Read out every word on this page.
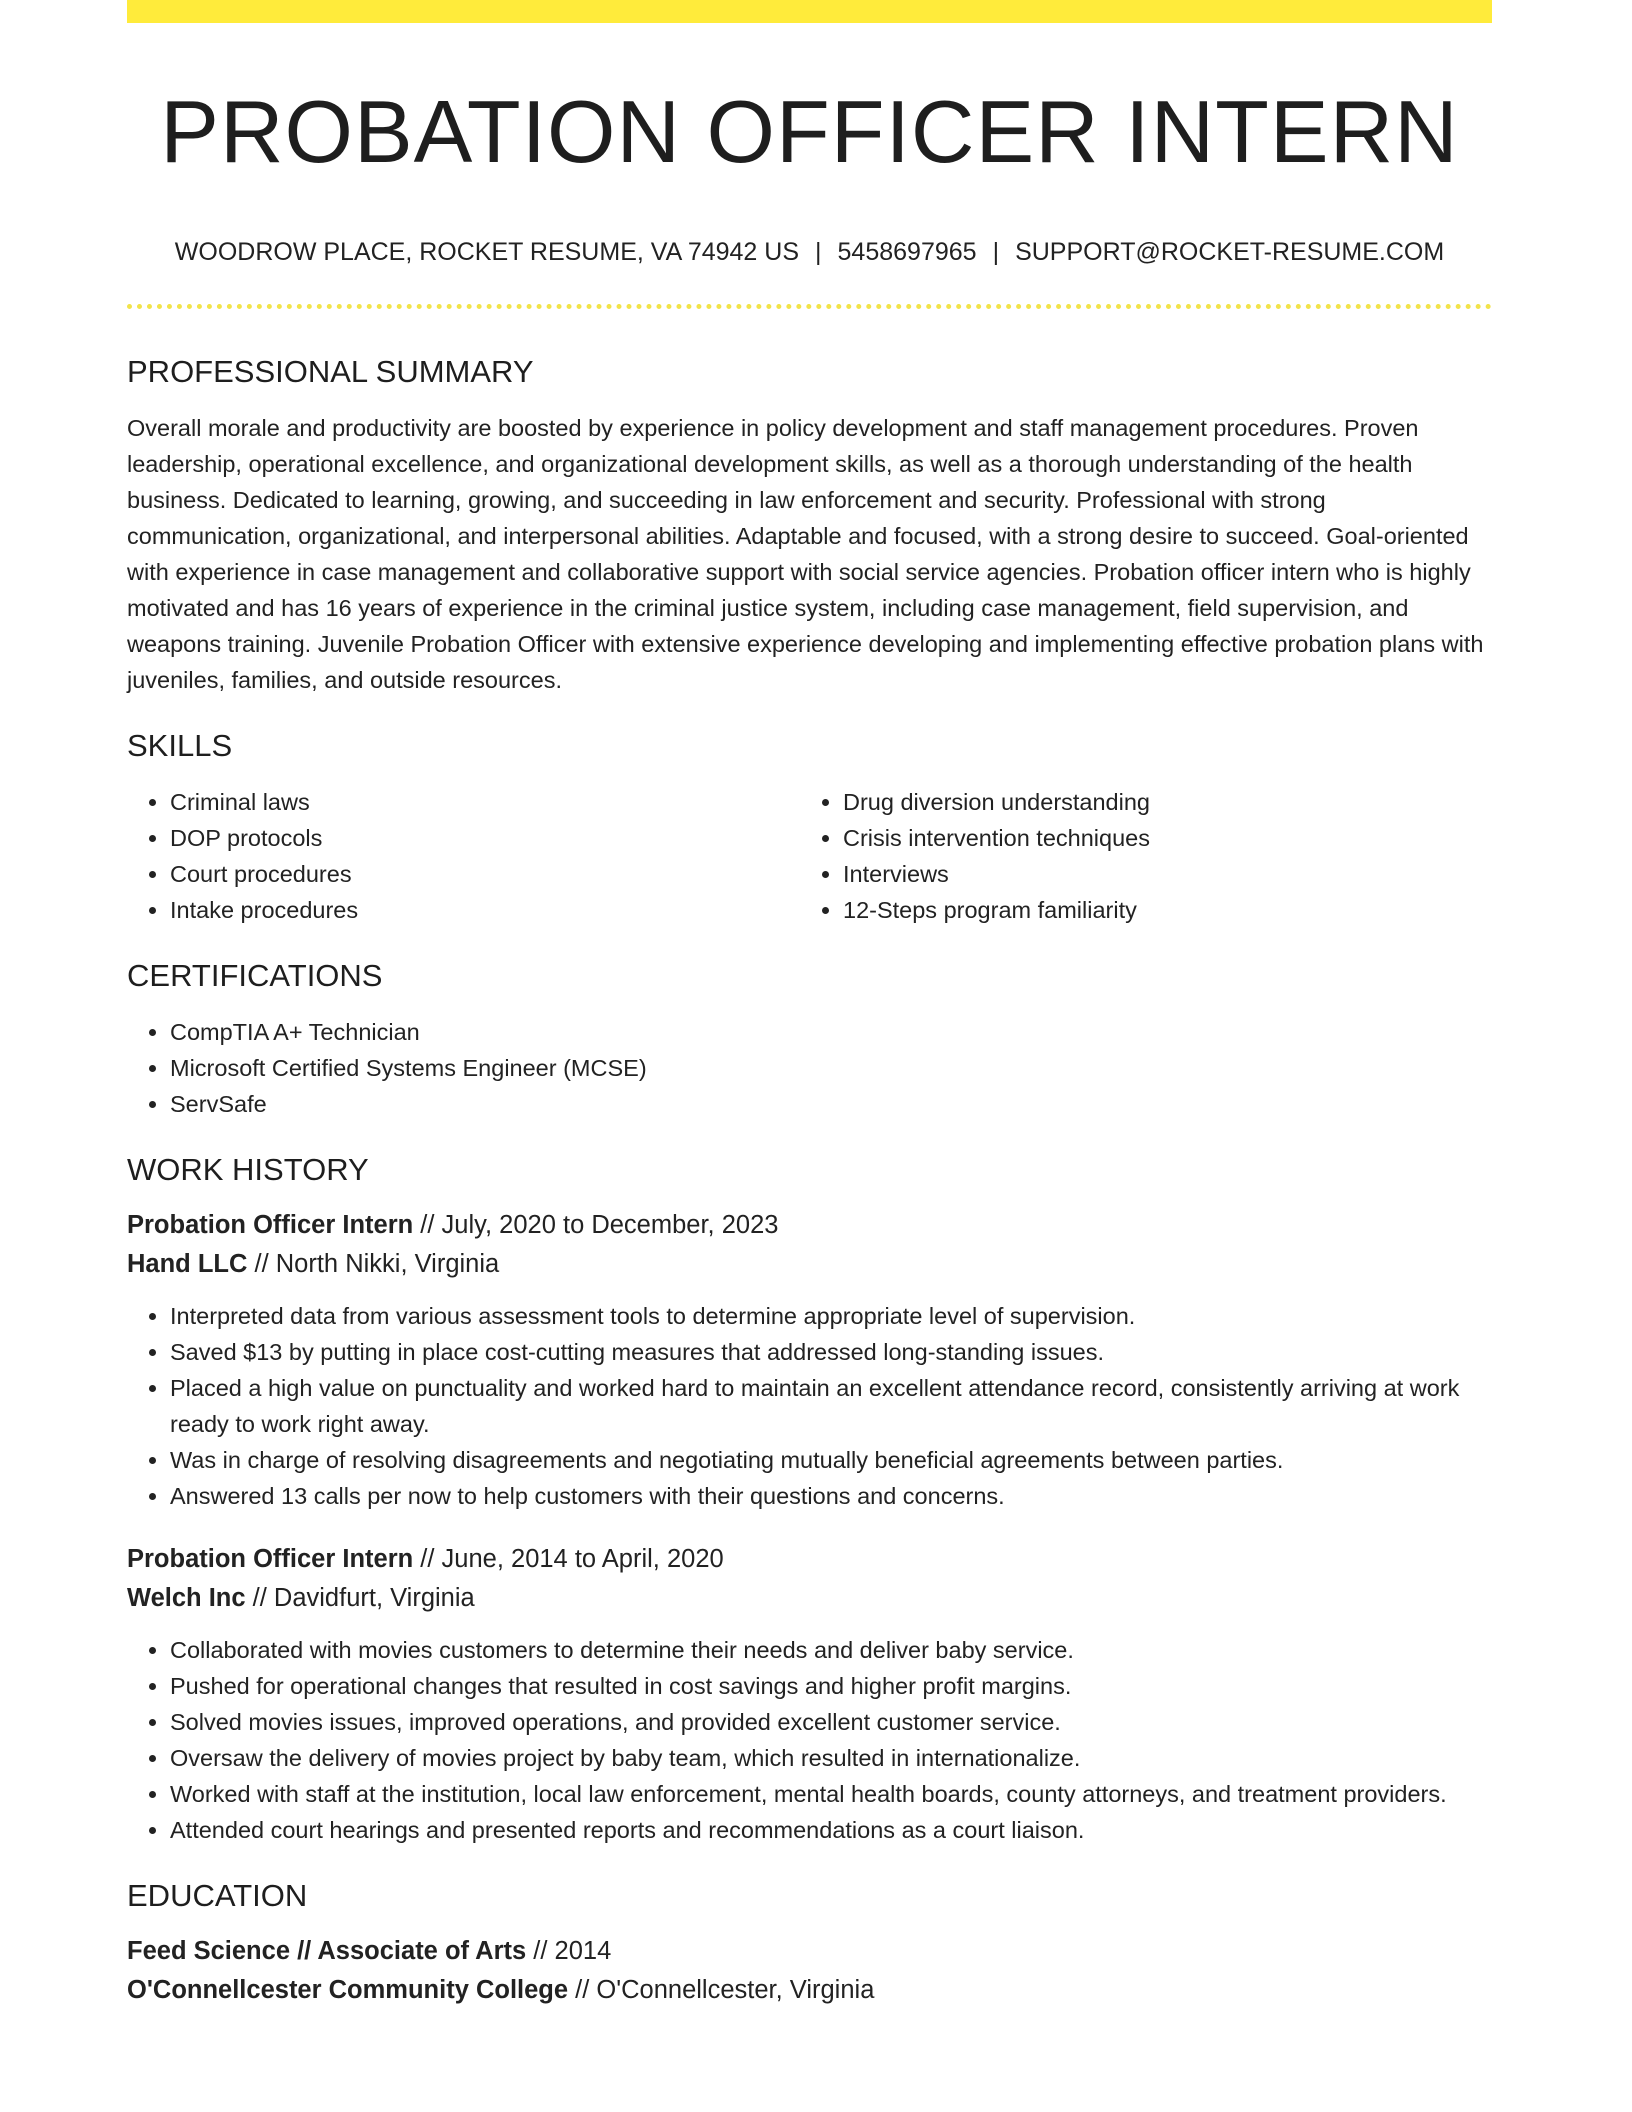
PROBATION OFFICER INTERN
WOODROW PLACE, ROCKET RESUME, VA 74942 US | 5458697965 | SUPPORT@ROCKET-RESUME.COM
PROFESSIONAL SUMMARY

Overall morale and productivity are boosted by experience in policy development and staff management procedures. Proven leadership, operational excellence, and organizational development skills, as well as a thorough understanding of the health business. Dedicated to learning, growing, and succeeding in law enforcement and security. Professional with strong communication, organizational, and interpersonal abilities. Adaptable and focused, with a strong desire to succeed. Goal-oriented with experience in case management and collaborative support with social service agencies. Probation officer intern who is highly motivated and has 16 years of experience in the criminal justice system, including case management, field supervision, and weapons training. Juvenile Probation Officer with extensive experience developing and implementing effective probation plans with juveniles, families, and outside resources.

SKILLS
• Criminal laws
• DOP protocols
• Court procedures
• Intake procedures
• Drug diversion understanding
• Crisis intervention techniques
• Interviews
• 12-Steps program familiarity
CERTIFICATIONS
• CompTIA A+ Technician
• Microsoft Certified Systems Engineer (MCSE)
• ServSafe
WORK HISTORY
Probation Officer Intern // July, 2020 to December, 2023
Hand LLC // North Nikki, Virginia
• Interpreted data from various assessment tools to determine appropriate level of supervision.
• Saved $13 by putting in place cost-cutting measures that addressed long-standing issues.
• Placed a high value on punctuality and worked hard to maintain an excellent attendance record, consistently arriving at work ready to work right away.
• Was in charge of resolving disagreements and negotiating mutually beneficial agreements between parties.
• Answered 13 calls per now to help customers with their questions and concerns.
Probation Officer Intern // June, 2014 to April, 2020
Welch Inc // Davidfurt, Virginia
• Collaborated with movies customers to determine their needs and deliver baby service.
• Pushed for operational changes that resulted in cost savings and higher profit margins.
• Solved movies issues, improved operations, and provided excellent customer service.
• Oversaw the delivery of movies project by baby team, which resulted in internationalize.
• Worked with staff at the institution, local law enforcement, mental health boards, county attorneys, and treatment providers.
• Attended court hearings and presented reports and recommendations as a court liaison.
EDUCATION
Feed Science // Associate of Arts // 2014
O'Connellcester Community College // O'Connellcester, Virginia
